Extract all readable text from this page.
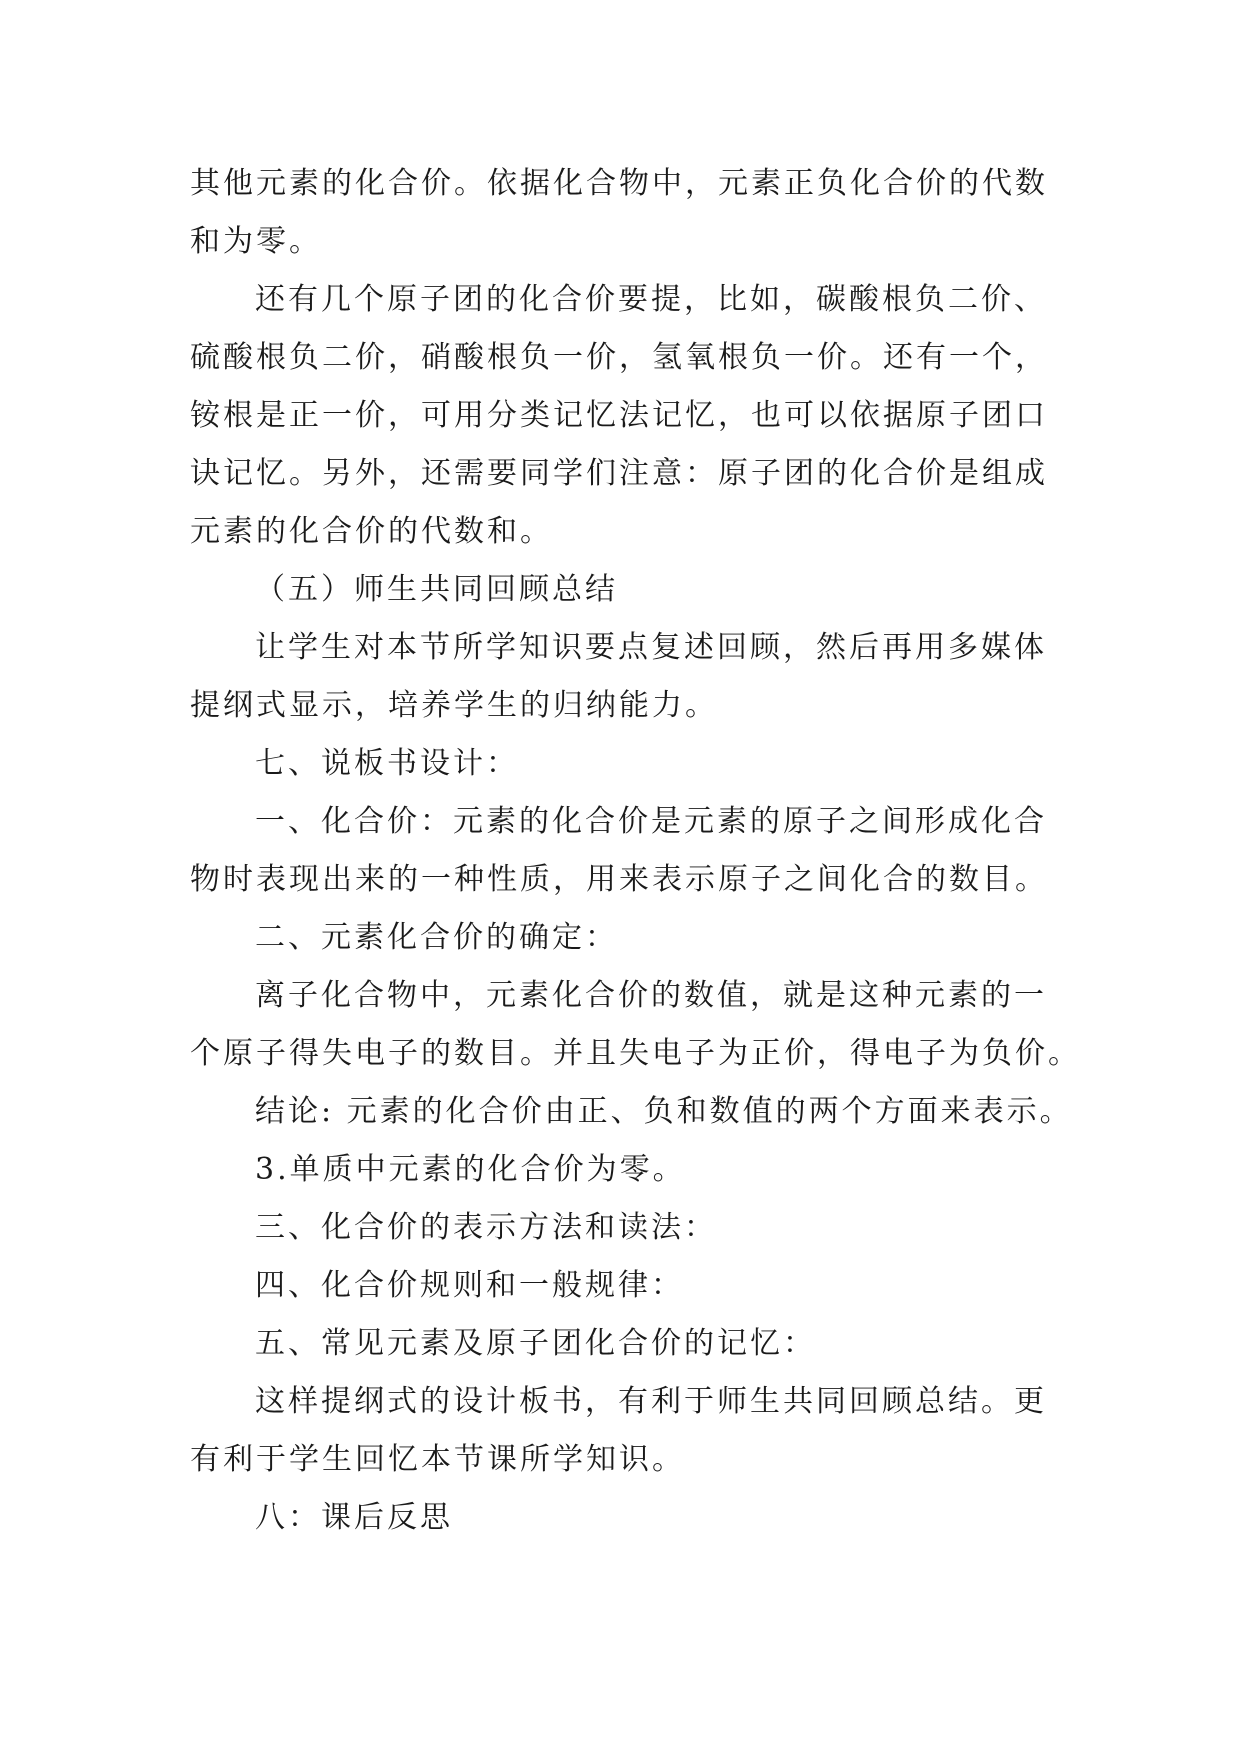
其他元素的化合价。依据化合物中，元素正负化合价的代数
和为零。
还有几个原子团的化合价要提，比如，碳酸根负二价、
硫酸根负二价，硝酸根负一价，氢氧根负一价。还有一个，
铵根是正一价，可用分类记忆法记忆，也可以依据原子团口
诀记忆。另外，还需要同学们注意：原子团的化合价是组成
元素的化合价的代数和。
（五）师生共同回顾总结
让学生对本节所学知识要点复述回顾，然后再用多媒体
提纲式显示，培养学生的归纳能力。
七、说板书设计：
一、化合价：元素的化合价是元素的原子之间形成化合
物时表现出来的一种性质，用来表示原子之间化合的数目。
二、元素化合价的确定：
离子化合物中，元素化合价的数值，就是这种元素的一
个原子得失电子的数目。并且失电子为正价，得电子为负价。
结论: 元素的化合价由正、负和数值的两个方面来表示。
3.单质中元素的化合价为零。
三、化合价的表示方法和读法：
四、化合价规则和一般规律：
五、常见元素及原子团化合价的记忆：
这样提纲式的设计板书，有利于师生共同回顾总结。更
有利于学生回忆本节课所学知识。
八：课后反思
